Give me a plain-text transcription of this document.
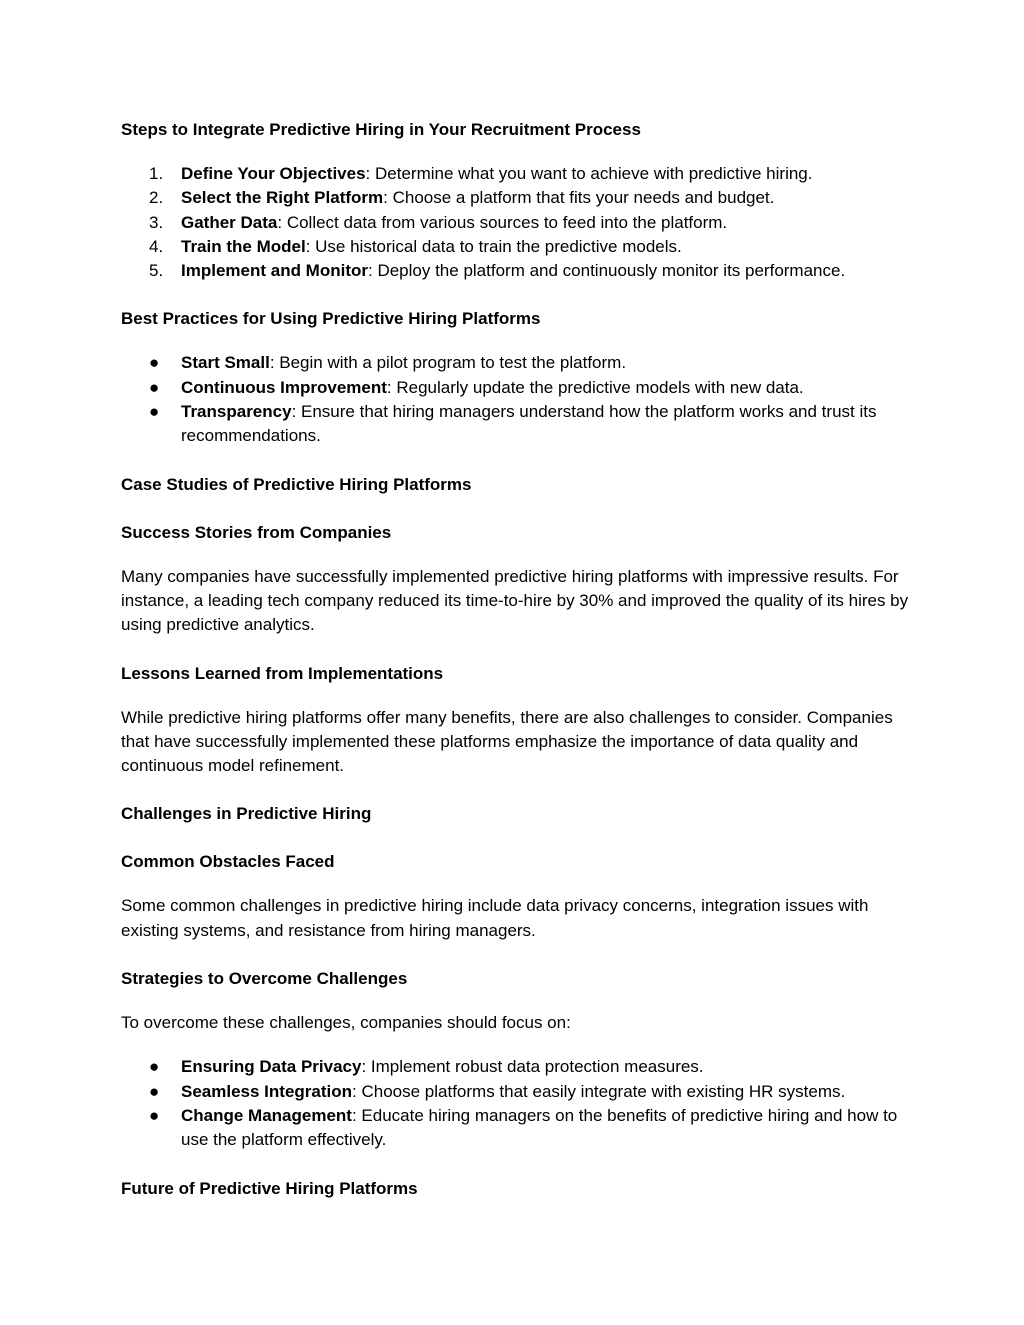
Steps to Integrate Predictive Hiring in Your Recruitment Process
1.	Define Your Objectives: Determine what you want to achieve with predictive hiring.
2.	Select the Right Platform: Choose a platform that fits your needs and budget.
3.	Gather Data: Collect data from various sources to feed into the platform.
4.	Train the Model: Use historical data to train the predictive models.
5.	Implement and Monitor: Deploy the platform and continuously monitor its performance.
Best Practices for Using Predictive Hiring Platforms
●	Start Small: Begin with a pilot program to test the platform.
●	Continuous Improvement: Regularly update the predictive models with new data.
●	Transparency: Ensure that hiring managers understand how the platform works and trust its recommendations.
Case Studies of Predictive Hiring Platforms
Success Stories from Companies

Many companies have successfully implemented predictive hiring platforms with impressive results. For instance, a leading tech company reduced its time-to-hire by 30% and improved the quality of its hires by using predictive analytics.

Lessons Learned from Implementations

While predictive hiring platforms offer many benefits, there are also challenges to consider. Companies that have successfully implemented these platforms emphasize the importance of data quality and continuous model refinement.

Challenges in Predictive Hiring
Common Obstacles Faced

Some common challenges in predictive hiring include data privacy concerns, integration issues with existing systems, and resistance from hiring managers.

Strategies to Overcome Challenges

To overcome these challenges, companies should focus on:

●	Ensuring Data Privacy: Implement robust data protection measures.
●	Seamless Integration: Choose platforms that easily integrate with existing HR systems.
●	Change Management: Educate hiring managers on the benefits of predictive hiring and how to use the platform effectively.
Future of Predictive Hiring Platforms
